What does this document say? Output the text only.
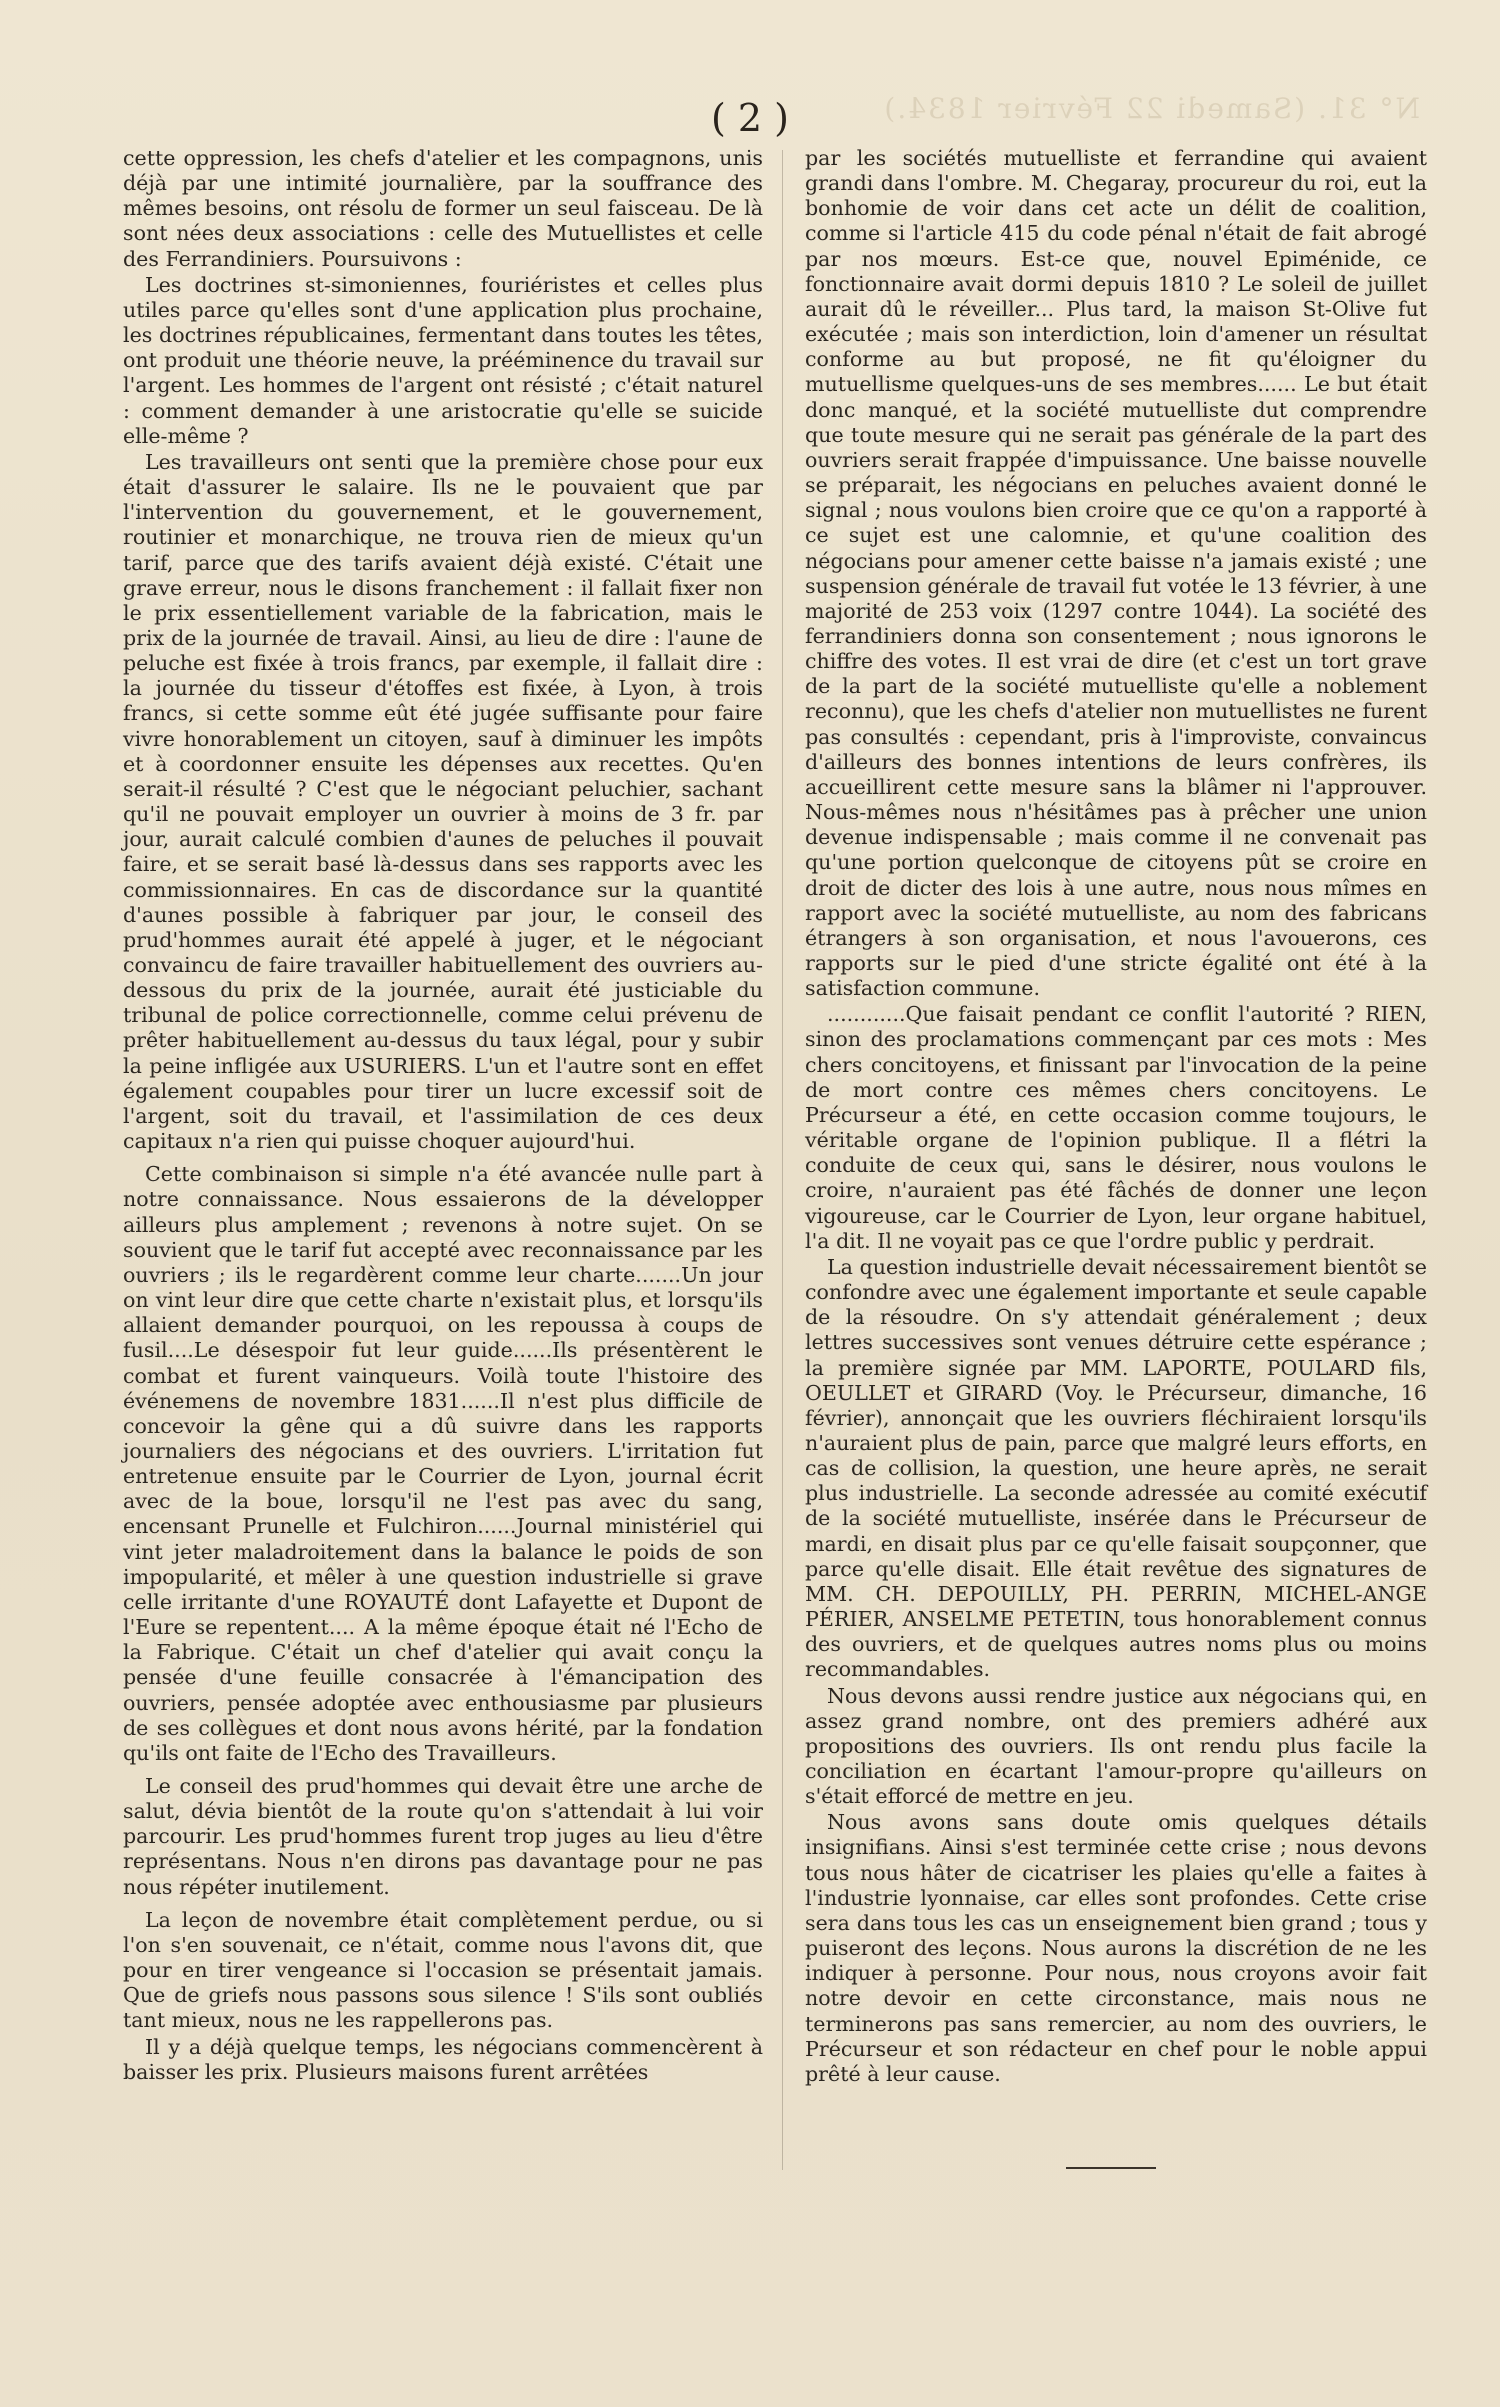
N° 31. (Samedi 22 Février 1834.)
( 2 )

cette oppression, les chefs d'atelier et les compagnons, unis déjà par une intimité journalière, par la souffrance des mêmes besoins, ont résolu de former un seul faisceau. De là sont nées deux associations : celle des Mutuellistes et celle des Ferrandiniers. Poursuivons :

Les doctrines st-simoniennes, fouriéristes et celles plus utiles parce qu'elles sont d'une application plus prochaine, les doctrines républicaines, fermentant dans toutes les têtes, ont produit une théorie neuve, la prééminence du travail sur l'argent. Les hommes de l'argent ont résisté ; c'était naturel : comment demander à une aristocratie qu'elle se suicide elle-même ?

Les travailleurs ont senti que la première chose pour eux était d'assurer le salaire. Ils ne le pouvaient que par l'intervention du gouvernement, et le gouvernement, routinier et monarchique, ne trouva rien de mieux qu'un tarif, parce que des tarifs avaient déjà existé. C'était une grave erreur, nous le disons franchement : il fallait fixer non le prix essentiellement variable de la fabrication, mais le prix de la journée de travail. Ainsi, au lieu de dire : l'aune de peluche est fixée à trois francs, par exemple, il fallait dire : la journée du tisseur d'étoffes est fixée, à Lyon, à trois francs, si cette somme eût été jugée suffisante pour faire vivre honorablement un citoyen, sauf à diminuer les impôts et à coordonner ensuite les dépenses aux recettes. Qu'en serait-il résulté ? C'est que le négociant peluchier, sachant qu'il ne pouvait employer un ouvrier à moins de 3 fr. par jour, aurait calculé combien d'aunes de peluches il pouvait faire, et se serait basé là-dessus dans ses rapports avec les commissionnaires. En cas de discordance sur la quantité d'aunes possible à fabriquer par jour, le conseil des prud'hommes aurait été appelé à juger, et le négociant convaincu de faire travailler habituellement des ouvriers au-dessous du prix de la journée, aurait été justiciable du tribunal de police correctionnelle, comme celui prévenu de prêter habituellement au-dessus du taux légal, pour y subir la peine infligée aux USURIERS. L'un et l'autre sont en effet également coupables pour tirer un lucre excessif soit de l'argent, soit du travail, et l'assimilation de ces deux capitaux n'a rien qui puisse choquer aujourd'hui.

Cette combinaison si simple n'a été avancée nulle part à notre connaissance. Nous essaierons de la développer ailleurs plus amplement ; revenons à notre sujet. On se souvient que le tarif fut accepté avec reconnaissance par les ouvriers ; ils le regardèrent comme leur charte.......Un jour on vint leur dire que cette charte n'existait plus, et lorsqu'ils allaient demander pourquoi, on les repoussa à coups de fusil....Le désespoir fut leur guide......Ils présentèrent le combat et furent vainqueurs. Voilà toute l'histoire des événemens de novembre 1831......Il n'est plus difficile de concevoir la gêne qui a dû suivre dans les rapports journaliers des négocians et des ouvriers. L'irritation fut entretenue ensuite par le Courrier de Lyon, journal écrit avec de la boue, lorsqu'il ne l'est pas avec du sang, encensant Prunelle et Fulchiron......Journal ministériel qui vint jeter maladroitement dans la balance le poids de son impopularité, et mêler à une question industrielle si grave celle irritante d'une ROYAUTÉ dont Lafayette et Dupont de l'Eure se repentent.... A la même époque était né l'Echo de la Fabrique. C'était un chef d'atelier qui avait conçu la pensée d'une feuille consacrée à l'émancipation des ouvriers, pensée adoptée avec enthousiasme par plusieurs de ses collègues et dont nous avons hérité, par la fondation qu'ils ont faite de l'Echo des Travailleurs.

Le conseil des prud'hommes qui devait être une arche de salut, dévia bientôt de la route qu'on s'attendait à lui voir parcourir. Les prud'hommes furent trop juges au lieu d'être représentans. Nous n'en dirons pas davantage pour ne pas nous répéter inutilement.

La leçon de novembre était complètement perdue, ou si l'on s'en souvenait, ce n'était, comme nous l'avons dit, que pour en tirer vengeance si l'occasion se présentait jamais. Que de griefs nous passons sous silence ! S'ils sont oubliés tant mieux, nous ne les rappellerons pas.

Il y a déjà quelque temps, les négocians commencèrent à baisser les prix. Plusieurs maisons furent arrêtées

par les sociétés mutuelliste et ferrandine qui avaient grandi dans l'ombre. M. Chegaray, procureur du roi, eut la bonhomie de voir dans cet acte un délit de coalition, comme si l'article 415 du code pénal n'était de fait abrogé par nos mœurs. Est-ce que, nouvel Epiménide, ce fonctionnaire avait dormi depuis 1810 ? Le soleil de juillet aurait dû le réveiller... Plus tard, la maison St-Olive fut exécutée ; mais son interdiction, loin d'amener un résultat conforme au but proposé, ne fit qu'éloigner du mutuellisme quelques-uns de ses membres...... Le but était donc manqué, et la société mutuelliste dut comprendre que toute mesure qui ne serait pas générale de la part des ouvriers serait frappée d'impuissance. Une baisse nouvelle se préparait, les négocians en peluches avaient donné le signal ; nous voulons bien croire que ce qu'on a rapporté à ce sujet est une calomnie, et qu'une coalition des négocians pour amener cette baisse n'a jamais existé ; une suspension générale de travail fut votée le 13 février, à une majorité de 253 voix (1297 contre 1044). La société des ferrandiniers donna son consentement ; nous ignorons le chiffre des votes. Il est vrai de dire (et c'est un tort grave de la part de la société mutuelliste qu'elle a noblement reconnu), que les chefs d'atelier non mutuellistes ne furent pas consultés : cependant, pris à l'improviste, convaincus d'ailleurs des bonnes intentions de leurs confrères, ils accueillirent cette mesure sans la blâmer ni l'approuver. Nous-mêmes nous n'hésitâmes pas à prêcher une union devenue indispensable ; mais comme il ne convenait pas qu'une portion quelconque de citoyens pût se croire en droit de dicter des lois à une autre, nous nous mîmes en rapport avec la société mutuelliste, au nom des fabricans étrangers à son organisation, et nous l'avouerons, ces rapports sur le pied d'une stricte égalité ont été à la satisfaction commune.

............Que faisait pendant ce conflit l'autorité ? RIEN, sinon des proclamations commençant par ces mots : Mes chers concitoyens, et finissant par l'invocation de la peine de mort contre ces mêmes chers concitoyens. Le Précurseur a été, en cette occasion comme toujours, le véritable organe de l'opinion publique. Il a flétri la conduite de ceux qui, sans le désirer, nous voulons le croire, n'auraient pas été fâchés de donner une leçon vigoureuse, car le Courrier de Lyon, leur organe habituel, l'a dit. Il ne voyait pas ce que l'ordre public y perdrait.

La question industrielle devait nécessairement bientôt se confondre avec une également importante et seule capable de la résoudre. On s'y attendait généralement ; deux lettres successives sont venues détruire cette espérance ; la première signée par MM. LAPORTE, POULARD fils, OEULLET et GIRARD (Voy. le Précurseur, dimanche, 16 février), annonçait que les ouvriers fléchiraient lorsqu'ils n'auraient plus de pain, parce que malgré leurs efforts, en cas de collision, la question, une heure après, ne serait plus industrielle. La seconde adressée au comité exécutif de la société mutuelliste, insérée dans le Précurseur de mardi, en disait plus par ce qu'elle faisait soupçonner, que parce qu'elle disait. Elle était revêtue des signatures de MM. CH. DEPOUILLY, PH. PERRIN, MICHEL-ANGE PÉRIER, ANSELME PETETIN, tous honorablement connus des ouvriers, et de quelques autres noms plus ou moins recommandables.

Nous devons aussi rendre justice aux négocians qui, en assez grand nombre, ont des premiers adhéré aux propositions des ouvriers. Ils ont rendu plus facile la conciliation en écartant l'amour-propre qu'ailleurs on s'était efforcé de mettre en jeu.

Nous avons sans doute omis quelques détails insignifians. Ainsi s'est terminée cette crise ; nous devons tous nous hâter de cicatriser les plaies qu'elle a faites à l'industrie lyonnaise, car elles sont profondes. Cette crise sera dans tous les cas un enseignement bien grand ; tous y puiseront des leçons. Nous aurons la discrétion de ne les indiquer à personne. Pour nous, nous croyons avoir fait notre devoir en cette circonstance, mais nous ne terminerons pas sans remercier, au nom des ouvriers, le Précurseur et son rédacteur en chef pour le noble appui prêté à leur cause.
